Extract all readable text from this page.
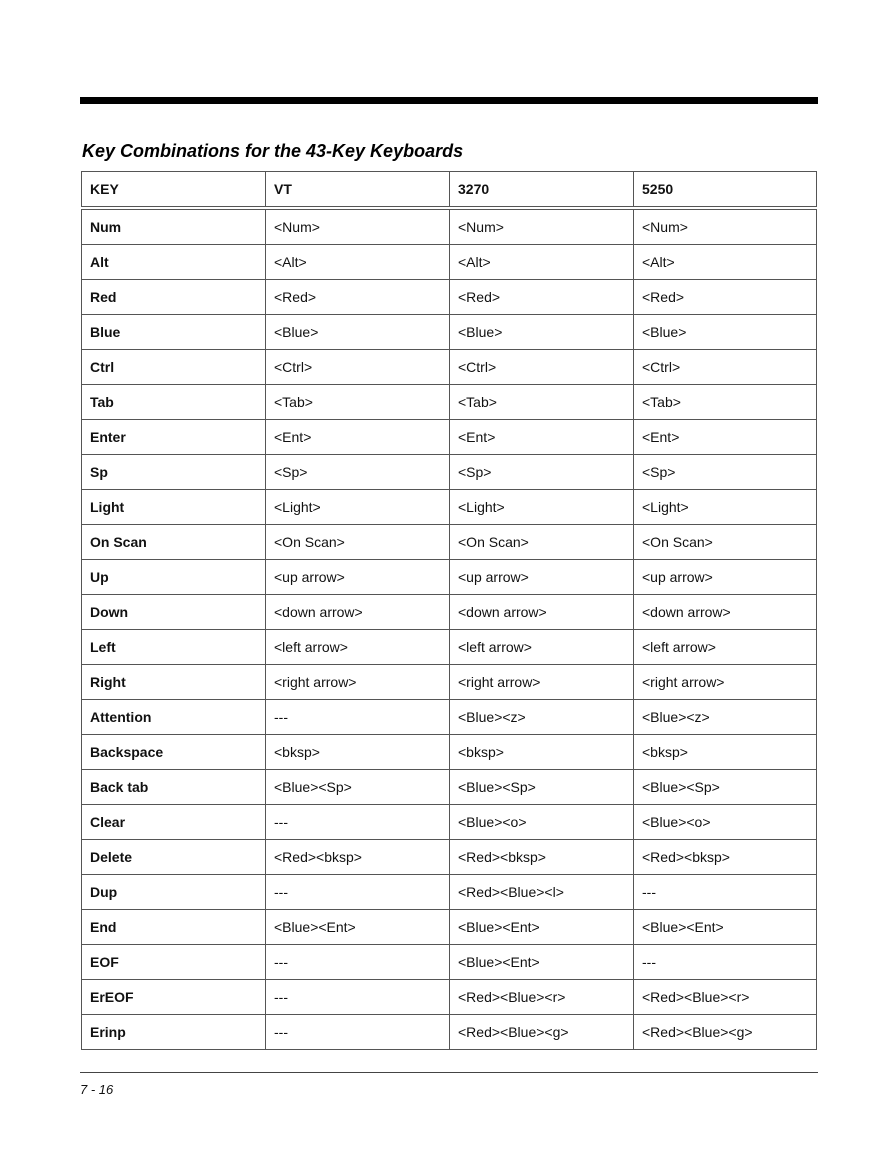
Key Combinations for the 43-Key Keyboards
KEY	VT	3270	5250
Num	<Num>	<Num>	<Num>
Alt	<Alt>	<Alt>	<Alt>
Red	<Red>	<Red>	<Red>
Blue	<Blue>	<Blue>	<Blue>
Ctrl	<Ctrl>	<Ctrl>	<Ctrl>
Tab	<Tab>	<Tab>	<Tab>
Enter	<Ent>	<Ent>	<Ent>
Sp	<Sp>	<Sp>	<Sp>
Light	<Light>	<Light>	<Light>
On Scan	<On Scan>	<On Scan>	<On Scan>
Up	<up arrow>	<up arrow>	<up arrow>
Down	<down arrow>	<down arrow>	<down arrow>
Left	<left arrow>	<left arrow>	<left arrow>
Right	<right arrow>	<right arrow>	<right arrow>
Attention	---	<Blue><z>	<Blue><z>
Backspace	<bksp>	<bksp>	<bksp>
Back tab	<Blue><Sp>	<Blue><Sp>	<Blue><Sp>
Clear	---	<Blue><o>	<Blue><o>
Delete	<Red><bksp>	<Red><bksp>	<Red><bksp>
Dup	---	<Red><Blue><l>	---
End	<Blue><Ent>	<Blue><Ent>	<Blue><Ent>
EOF	---	<Blue><Ent>	---
ErEOF	---	<Red><Blue><r>	<Red><Blue><r>
Erinp	---	<Red><Blue><g>	<Red><Blue><g>
7 - 16
